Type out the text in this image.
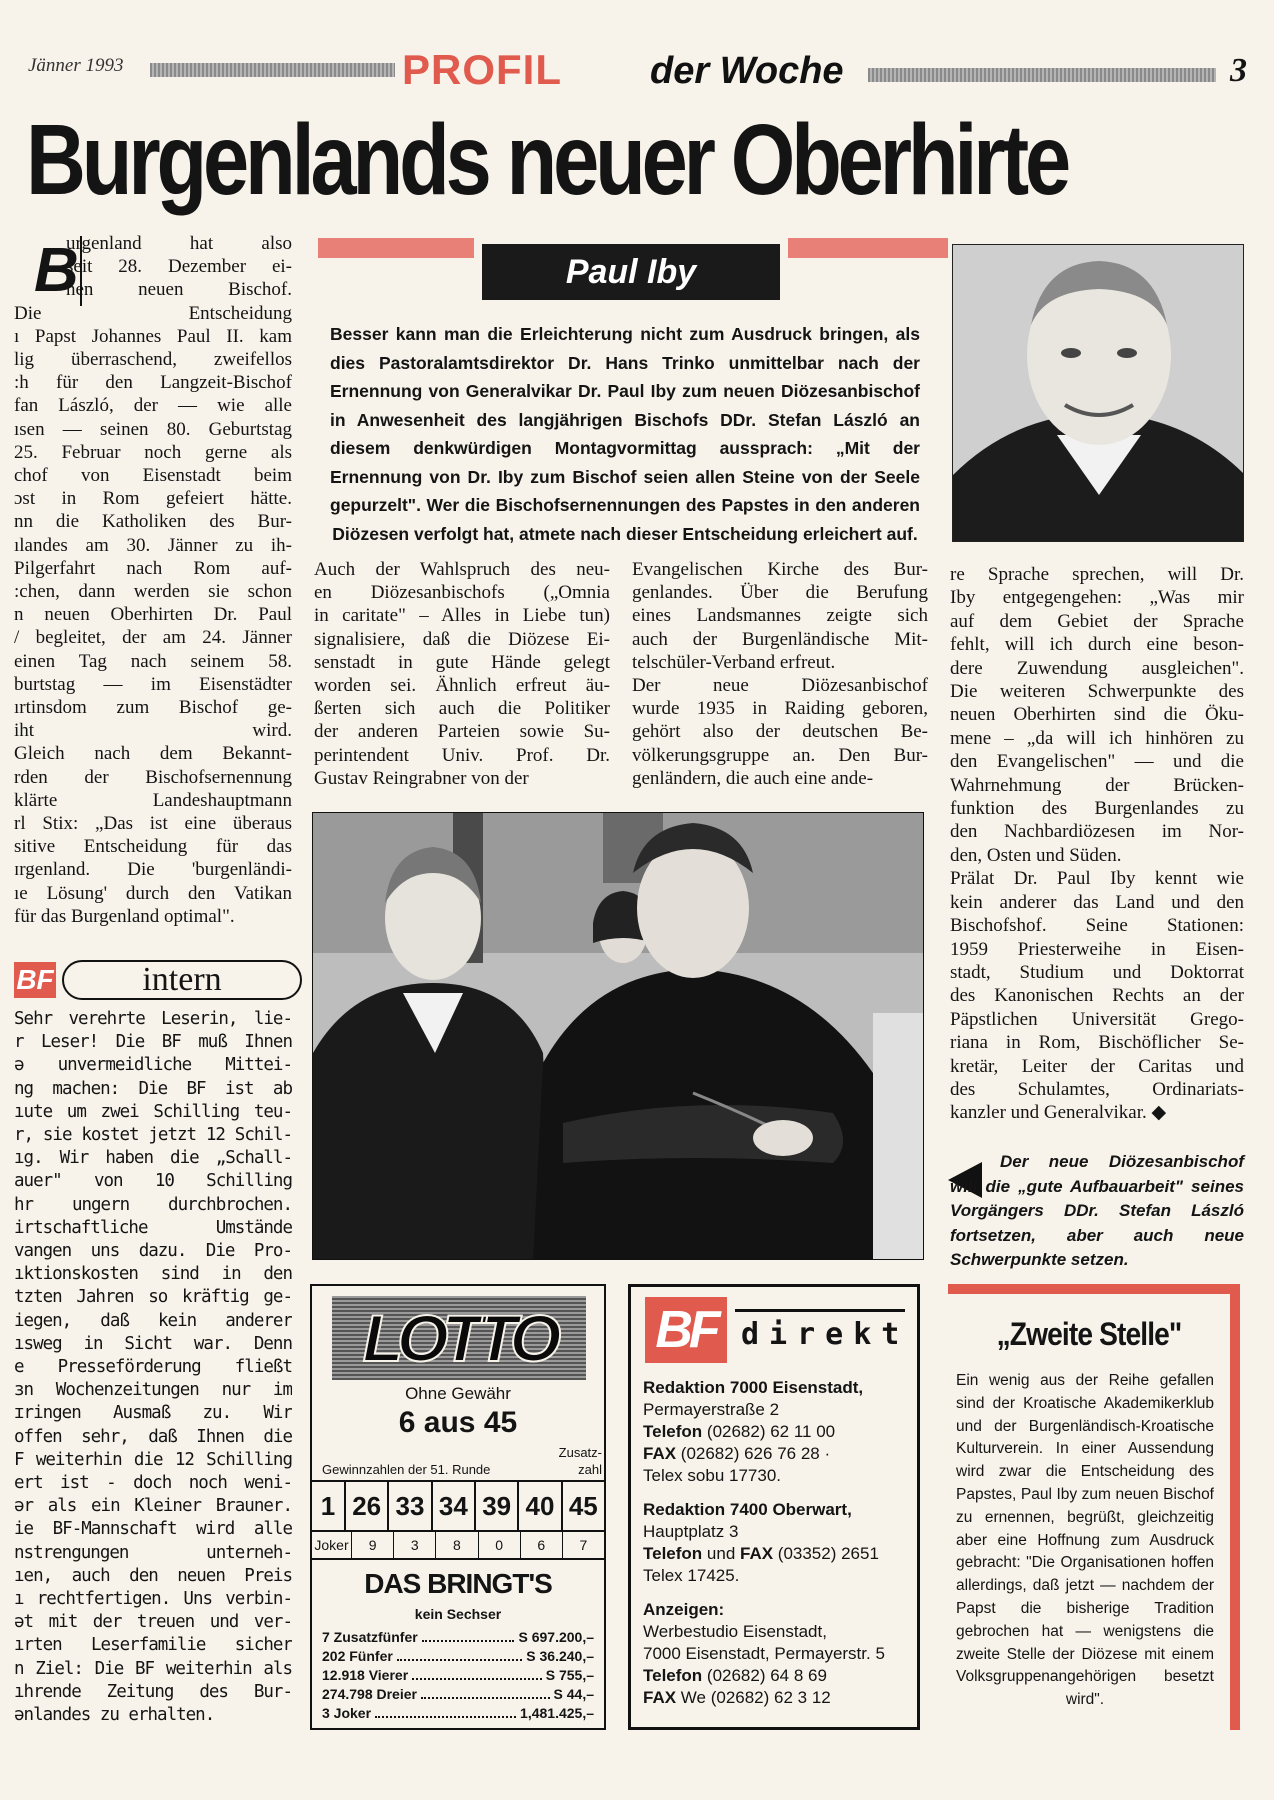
Jänner 1993	PROFIL der Woche	3
Burgenlands neuer Oberhirte
B
urgenland hat also
seit 28. Dezember ei-
nen neuen Bischof.
Die Entscheidung
ı Papst Johannes Paul II. kam
lig überraschend, zweifellos
:h für den Langzeit-Bischof
fan László, der — wie alle
ısen — seinen 80. Geburtstag
25. Februar noch gerne als
chof von Eisenstadt beim
ɔst in Rom gefeiert hätte.
nn die Katholiken des Bur-
ılandes am 30. Jänner zu ih-
Pilgerfahrt nach Rom auf-
:chen, dann werden sie schon
n neuen Oberhirten Dr. Paul
/ begleitet, der am 24. Jänner
einen Tag nach seinem 58.
burtstag — im Eisenstädter
ırtinsdom zum Bischof ge-
iht wird.
Gleich nach dem Bekannt-
rden der Bischofsernennung
klärte Landeshauptmann
rl Stix: „Das ist eine überaus
sitive Entscheidung für das
ɪrgenland. Die 'burgenländi-
ıe Lösung' durch den Vatikan
für das Burgenland optimal".
BF	intern
Sehr verehrte Leserin, lie-
r Leser! Die BF muß Ihnen
ə unvermeidliche Mittei-
ng machen: Die BF ist ab
ıute um zwei Schilling teu-
r, sie kostet jetzt 12 Schil-
ıg. Wir haben die „Schall-
auer" von 10 Schilling
hr ungern durchbrochen.
irtschaftliche Umstände
vangen uns dazu. Die Pro-
ıktionskosten sind in den
tzten Jahren so kräftig ge-
iegen, daß kein anderer
ısweg in Sicht war. Denn
e Presseförderung fließt
ɜn Wochenzeitungen nur im
ɪringen Ausmaß zu. Wir
offen sehr, daß Ihnen die
F weiterhin die 12 Schilling
ert ist - doch noch weni-
ər als ein Kleiner Brauner.
ie BF-Mannschaft wird alle
nstrengungen unterneh-
ıen, auch den neuen Preis
ı rechtfertigen. Uns verbin-
ət mit der treuen und ver-
ırten Leserfamilie sicher
n Ziel: Die BF weiterhin als
ıhrende Zeitung des Bur-
ənlandes zu erhalten.
Paul Iby
Besser kann man die Erleichterung nicht zum Ausdruck bringen, als dies Pastoralamtsdirektor Dr. Hans Trinko unmittelbar nach der Ernennung von Generalvikar Dr. Paul Iby zum neuen Diözesanbischof in Anwesenheit des langjährigen Bischofs DDr. Stefan László an diesem denkwürdigen Montagvormittag aussprach: „Mit der Ernennung von Dr. Iby zum Bischof seien allen Steine von der Seele gepurzelt". Wer die Bischofsernennungen des Papstes in den anderen Diözesen verfolgt hat, atmete nach dieser Entscheidung erleichert auf.
Auch der Wahlspruch des neu-
en Diözesanbischofs („Omnia
in caritate" – Alles in Liebe tun)
signalisiere, daß die Diözese Ei-
senstadt in gute Hände gelegt
worden sei. Ähnlich erfreut äu-
ßerten sich auch die Politiker
der anderen Parteien sowie Su-
perintendent Univ. Prof. Dr.
Gustav Reingrabner von der
Evangelischen Kirche des Bur-
genlandes. Über die Berufung
eines Landsmannes zeigte sich
auch der Burgenländische Mit-
telschüler-Verband erfreut.
Der neue Diözesanbischof
wurde 1935 in Raiding geboren,
gehört also der deutschen Be-
völkerungsgruppe an. Den Bur-
genländern, die auch eine ande-
re Sprache sprechen, will Dr.
Iby entgegengehen: „Was mir
auf dem Gebiet der Sprache
fehlt, will ich durch eine beson-
dere Zuwendung ausgleichen".
Die weiteren Schwerpunkte des
neuen Oberhirten sind die Öku-
mene – „da will ich hinhören zu
den Evangelischen" — und die
Wahrnehmung der Brücken-
funktion des Burgenlandes zu
den Nachbardiözesen im Nor-
den, Osten und Süden.
Prälat Dr. Paul Iby kennt wie
kein anderer das Land und den
Bischofshof. Seine Stationen:
1959 Priesterweihe in Eisen-
stadt, Studium und Doktorrat
des Kanonischen Rechts an der
Päpstlichen Universität Grego-
riana in Rom, Bischöflicher Se-
kretär, Leiter der Caritas und
des Schulamtes, Ordinariats-
kanzler und Generalvikar. ◆
Der neue Diözesanbischof will die „gute Aufbauarbeit" seines Vorgängers DDr. Stefan László fortsetzen, aber auch neue Schwerpunkte setzen.
LOTTO
Ohne Gewähr
6 aus 45
Gewinnzahlen der 51. Runde
Zusatz-
zahl
1 26 33 34 39 40 45
Joker	9	3	8	0	6	7
DAS BRINGT'S
kein Sechser
7 Zusatzfünfer	S 697.200,–
202 Fünfer	S 36.240,–
12.918 Vierer	S 755,–
274.798 Dreier	S 44,–
3 Joker	1,481.425,–
BF direkt
Redaktion 7000 Eisenstadt,
Permayerstraße 2
Telefon (02682) 62 11 00
FAX (02682) 626 76 28 ·
Telex sobu 17730.
Redaktion 7400 Oberwart,
Hauptplatz 3
Telefon und FAX (03352) 2651
Telex 17425.
Anzeigen:
Werbestudio Eisenstadt,
7000 Eisenstadt, Permayerstr. 5
Telefon (02682) 64 8 69
FAX We (02682) 62 3 12
„Zweite Stelle"
Ein wenig aus der Reihe gefallen sind der Kroatische Akademikerklub und der Burgenländisch-Kroatische Kulturverein. In einer Aussendung wird zwar die Entscheidung des Papstes, Paul Iby zum neuen Bischof zu ernennen, begrüßt, gleichzeitig aber eine Hoffnung zum Ausdruck gebracht: "Die Organisationen hoffen allerdings, daß jetzt — nachdem der Papst die bisherige Tradition gebrochen hat — wenigstens die zweite Stelle der Diözese mit einem Volksgruppenangehörigen besetzt wird".
